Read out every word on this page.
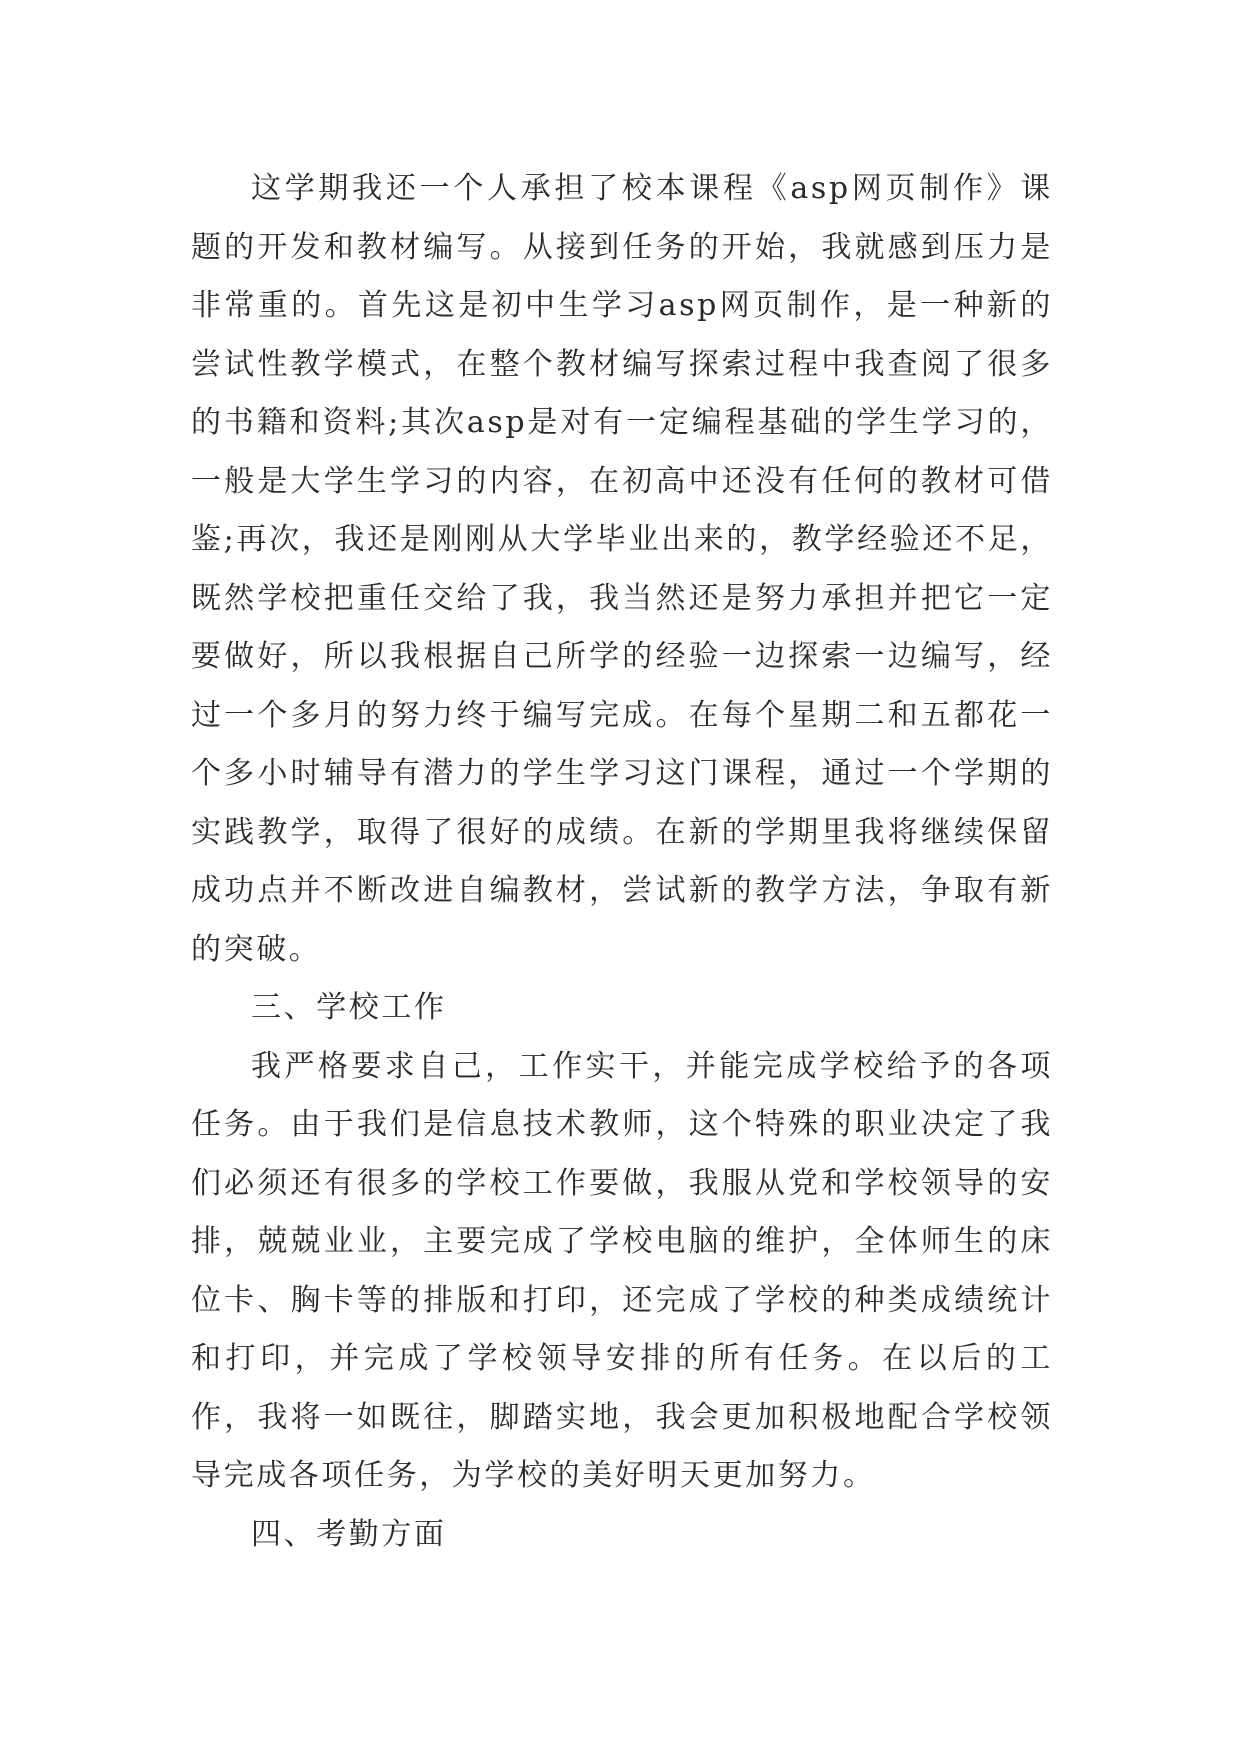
这学期我还一个人承担了校本课程《asp网页制作》课题的开发和教材编写。从接到任务的开始，我就感到压力是非常重的。首先这是初中生学习asp网页制作，是一种新的尝试性教学模式，在整个教材编写探索过程中我查阅了很多的书籍和资料;其次asp是对有一定编程基础的学生学习的，一般是大学生学习的内容，在初高中还没有任何的教材可借鉴;再次，我还是刚刚从大学毕业出来的，教学经验还不足，既然学校把重任交给了我，我当然还是努力承担并把它一定要做好，所以我根据自己所学的经验一边探索一边编写，经过一个多月的努力终于编写完成。在每个星期二和五都花一个多小时辅导有潜力的学生学习这门课程，通过一个学期的实践教学，取得了很好的成绩。在新的学期里我将继续保留成功点并不断改进自编教材，尝试新的教学方法，争取有新的突破。

三、学校工作

我严格要求自己，工作实干，并能完成学校给予的各项任务。由于我们是信息技术教师，这个特殊的职业决定了我们必须还有很多的学校工作要做，我服从党和学校领导的安排，兢兢业业，主要完成了学校电脑的维护，全体师生的床位卡、胸卡等的排版和打印，还完成了学校的种类成绩统计和打印，并完成了学校领导安排的所有任务。在以后的工作，我将一如既往，脚踏实地，我会更加积极地配合学校领导完成各项任务，为学校的美好明天更加努力。

四、考勤方面
